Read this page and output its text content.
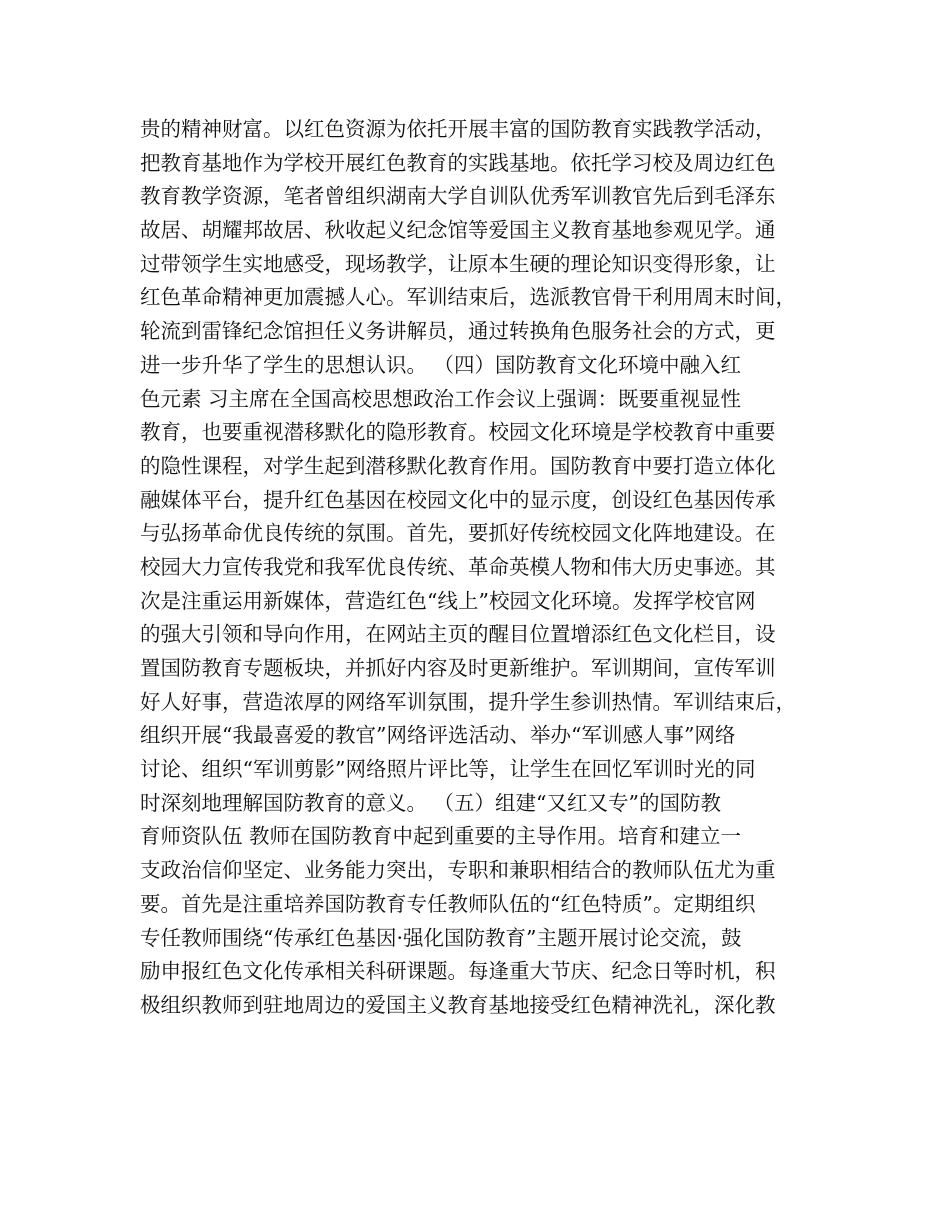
贵的精神财富。以红色资源为依托开展丰富的国防教育实践教学活动，
把教育基地作为学校开展红色教育的实践基地。依托学习校及周边红色
教育教学资源，笔者曾组织湖南大学自训队优秀军训教官先后到毛泽东
故居、胡耀邦故居、秋收起义纪念馆等爱国主义教育基地参观见学。通
过带领学生实地感受，现场教学，让原本生硬的理论知识变得形象，让
红色革命精神更加震撼人心。军训结束后，选派教官骨干利用周末时间，
轮流到雷锋纪念馆担任义务讲解员，通过转换角色服务社会的方式，更
进一步升华了学生的思想认识。 （四）国防教育文化环境中融入红
色元素 习主席在全国高校思想政治工作会议上强调：既要重视显性
教育，也要重视潜移默化的隐形教育。校园文化环境是学校教育中重要
的隐性课程，对学生起到潜移默化教育作用。国防教育中要打造立体化
融媒体平台，提升红色基因在校园文化中的显示度，创设红色基因传承
与弘扬革命优良传统的氛围。首先，要抓好传统校园文化阵地建设。在
校园大力宣传我党和我军优良传统、革命英模人物和伟大历史事迹。其
次是注重运用新媒体，营造红色“线上”校园文化环境。发挥学校官网
的强大引领和导向作用，在网站主页的醒目位置增添红色文化栏目，设
置国防教育专题板块，并抓好内容及时更新维护。军训期间，宣传军训
好人好事，营造浓厚的网络军训氛围，提升学生参训热情。军训结束后，
组织开展“我最喜爱的教官”网络评选活动、举办“军训感人事”网络
讨论、组织“军训剪影”网络照片评比等，让学生在回忆军训时光的同
时深刻地理解国防教育的意义。 （五）组建“又红又专”的国防教
育师资队伍 教师在国防教育中起到重要的主导作用。培育和建立一
支政治信仰坚定、业务能力突出，专职和兼职相结合的教师队伍尤为重
要。首先是注重培养国防教育专任教师队伍的“红色特质”。定期组织
专任教师围绕“传承红色基因·强化国防教育”主题开展讨论交流，鼓
励申报红色文化传承相关科研课题。每逢重大节庆、纪念日等时机，积
极组织教师到驻地周边的爱国主义教育基地接受红色精神洗礼，深化教
